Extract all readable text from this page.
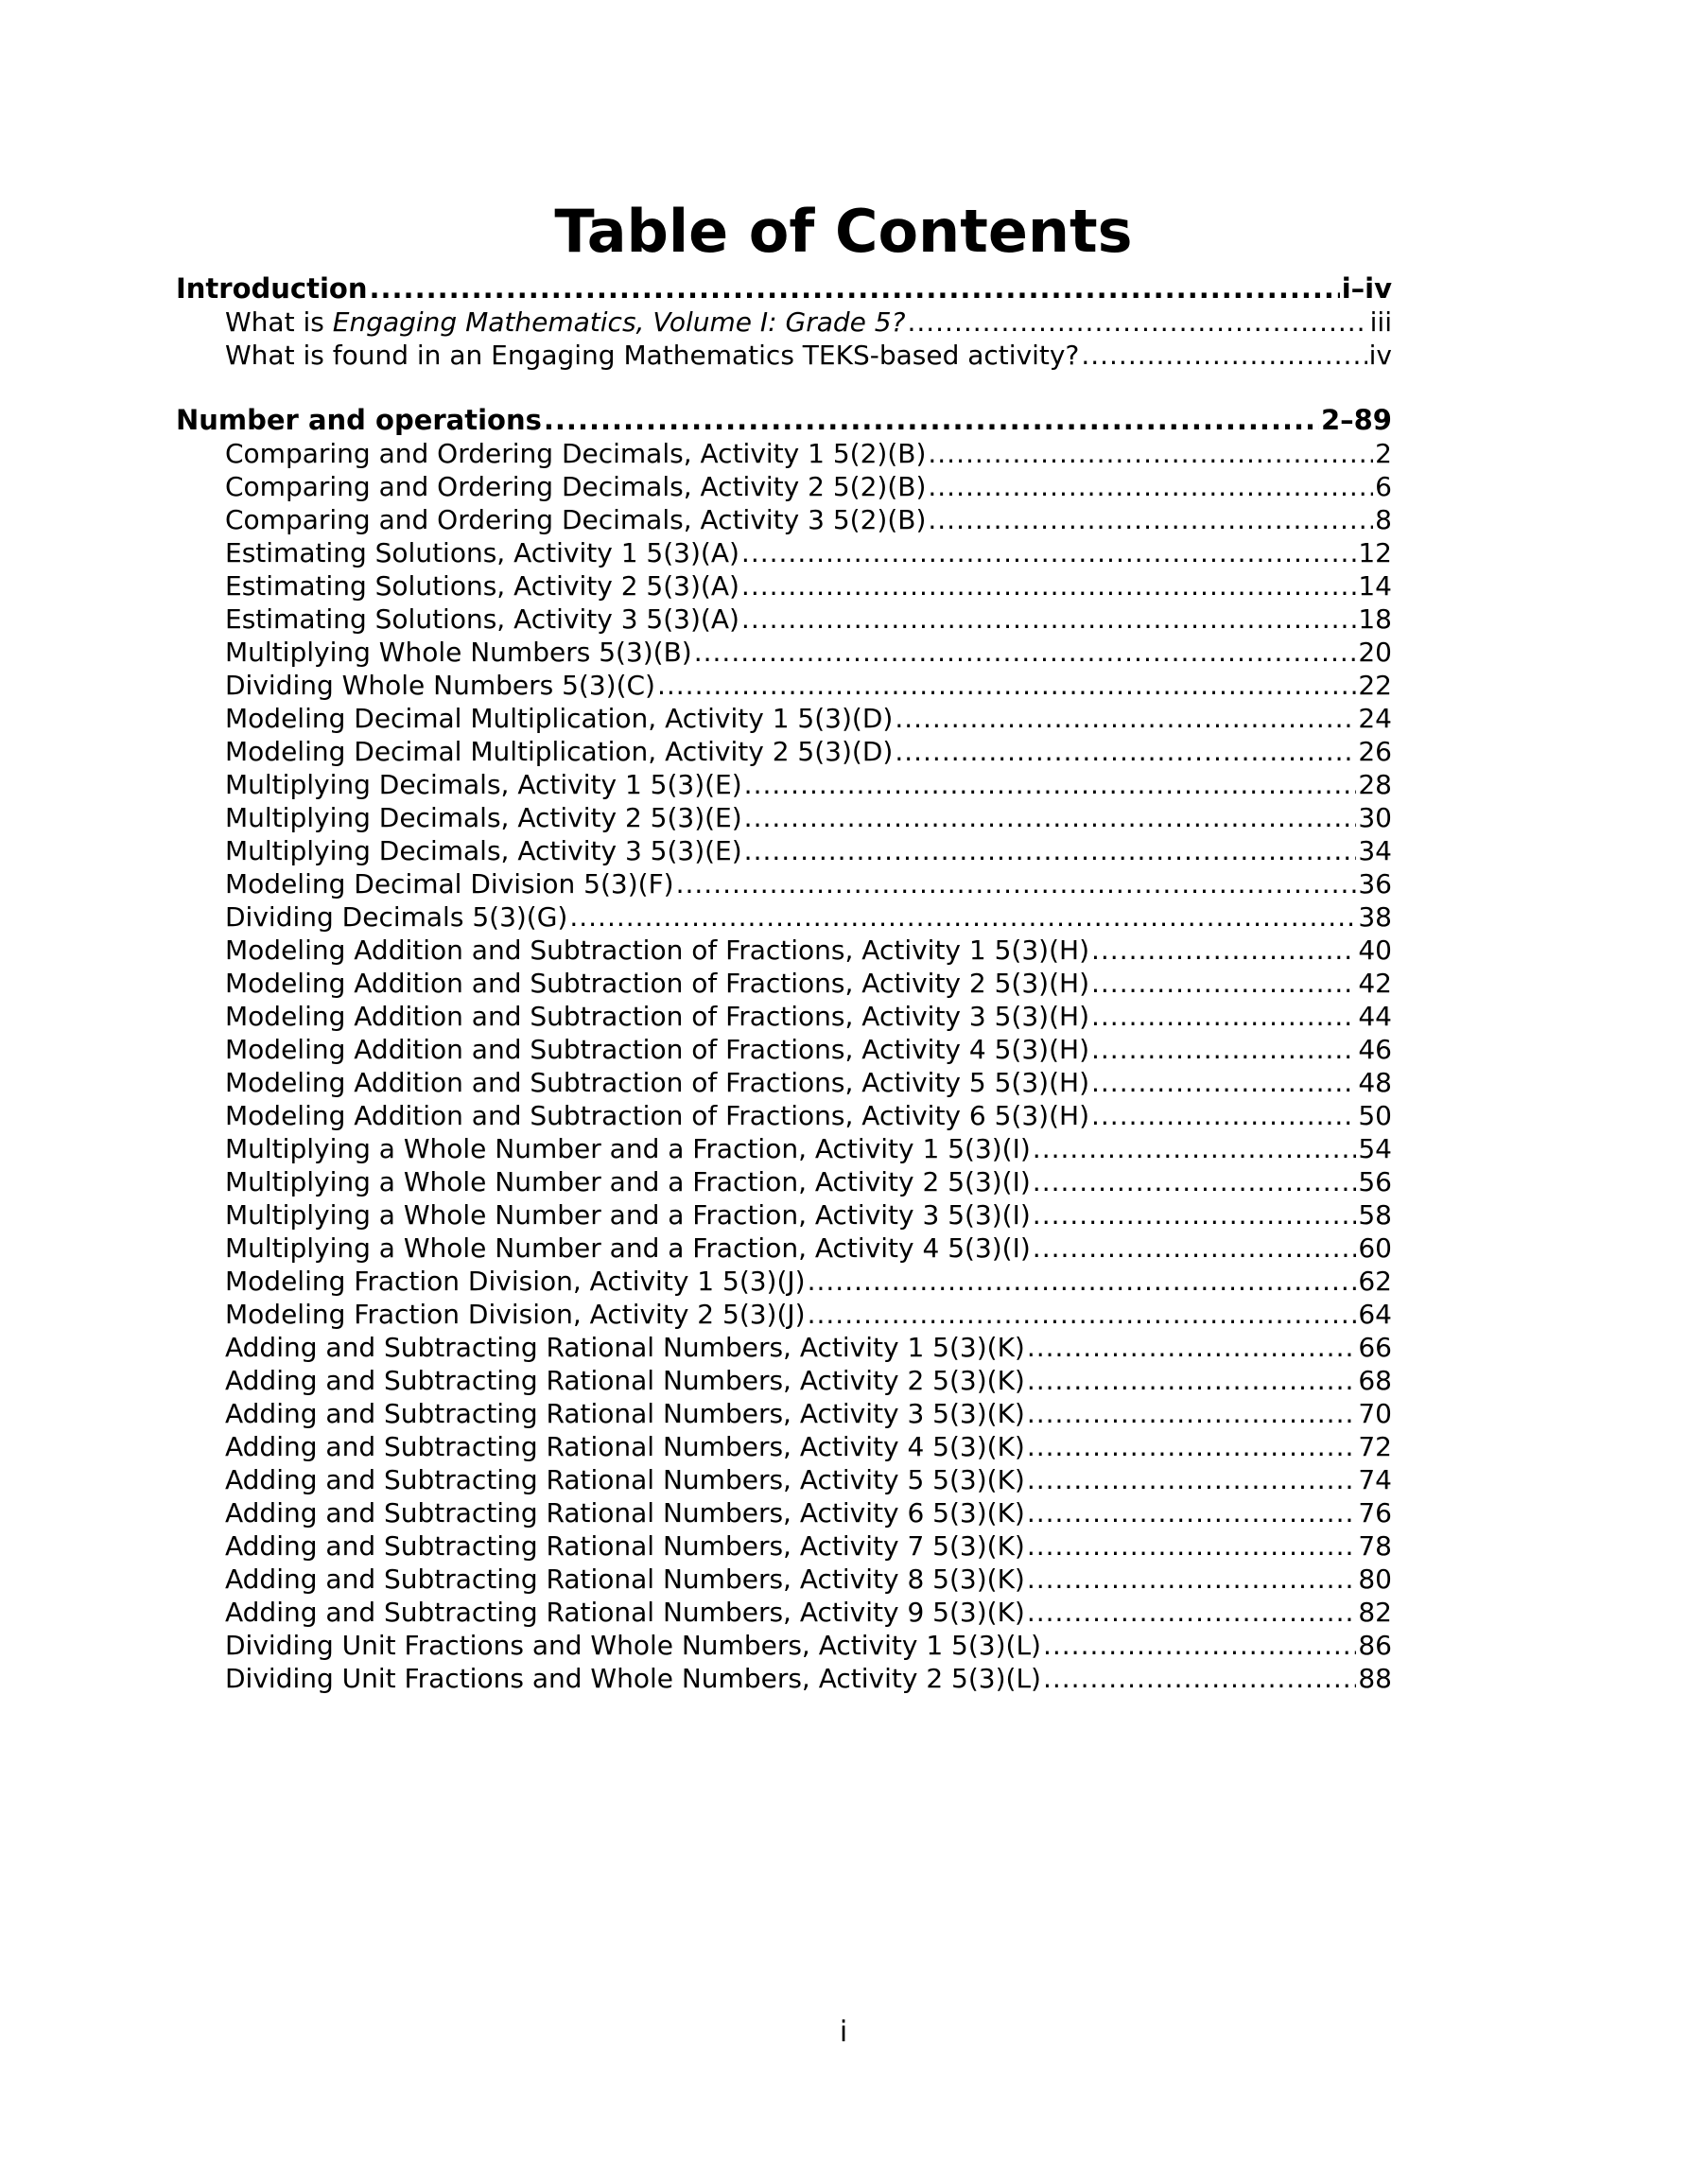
Table of Contents
Introduction .....	i–iv
What is Engaging Mathematics, Volume I: Grade 5? .....	iii
What is found in an Engaging Mathematics TEKS-based activity? .....	iv
Number and operations .....	2–89
Comparing and Ordering Decimals, Activity 1 5(2)(B) .....	2
Comparing and Ordering Decimals, Activity 2 5(2)(B) .....	6
Comparing and Ordering Decimals, Activity 3 5(2)(B) .....	8
Estimating Solutions, Activity 1 5(3)(A) .....	12
Estimating Solutions, Activity 2 5(3)(A) .....	14
Estimating Solutions, Activity 3 5(3)(A) .....	18
Multiplying Whole Numbers 5(3)(B) .....	20
Dividing Whole Numbers 5(3)(C) .....	22
Modeling Decimal Multiplication, Activity 1 5(3)(D) .....	24
Modeling Decimal Multiplication, Activity 2 5(3)(D) .....	26
Multiplying Decimals, Activity 1 5(3)(E) .....	28
Multiplying Decimals, Activity 2 5(3)(E) .....	30
Multiplying Decimals, Activity 3 5(3)(E) .....	34
Modeling Decimal Division 5(3)(F) .....	36
Dividing Decimals 5(3)(G) .....	38
Modeling Addition and Subtraction of Fractions, Activity 1 5(3)(H) .....	40
Modeling Addition and Subtraction of Fractions, Activity 2 5(3)(H) .....	42
Modeling Addition and Subtraction of Fractions, Activity 3 5(3)(H) .....	44
Modeling Addition and Subtraction of Fractions, Activity 4 5(3)(H) .....	46
Modeling Addition and Subtraction of Fractions, Activity 5 5(3)(H) .....	48
Modeling Addition and Subtraction of Fractions, Activity 6 5(3)(H) .....	50
Multiplying a Whole Number and a Fraction, Activity 1 5(3)(I) .....	54
Multiplying a Whole Number and a Fraction, Activity 2 5(3)(I) .....	56
Multiplying a Whole Number and a Fraction, Activity 3 5(3)(I) .....	58
Multiplying a Whole Number and a Fraction, Activity 4 5(3)(I) .....	60
Modeling Fraction Division, Activity 1 5(3)(J) .....	62
Modeling Fraction Division, Activity 2 5(3)(J) .....	64
Adding and Subtracting Rational Numbers, Activity 1 5(3)(K) .....	66
Adding and Subtracting Rational Numbers, Activity 2 5(3)(K) .....	68
Adding and Subtracting Rational Numbers, Activity 3 5(3)(K) .....	70
Adding and Subtracting Rational Numbers, Activity 4 5(3)(K) .....	72
Adding and Subtracting Rational Numbers, Activity 5 5(3)(K) .....	74
Adding and Subtracting Rational Numbers, Activity 6 5(3)(K) .....	76
Adding and Subtracting Rational Numbers, Activity 7 5(3)(K) .....	78
Adding and Subtracting Rational Numbers, Activity 8 5(3)(K) .....	80
Adding and Subtracting Rational Numbers, Activity 9 5(3)(K) .....	82
Dividing Unit Fractions and Whole Numbers, Activity 1 5(3)(L) .....	86
Dividing Unit Fractions and Whole Numbers, Activity 2 5(3)(L) .....	88
i
